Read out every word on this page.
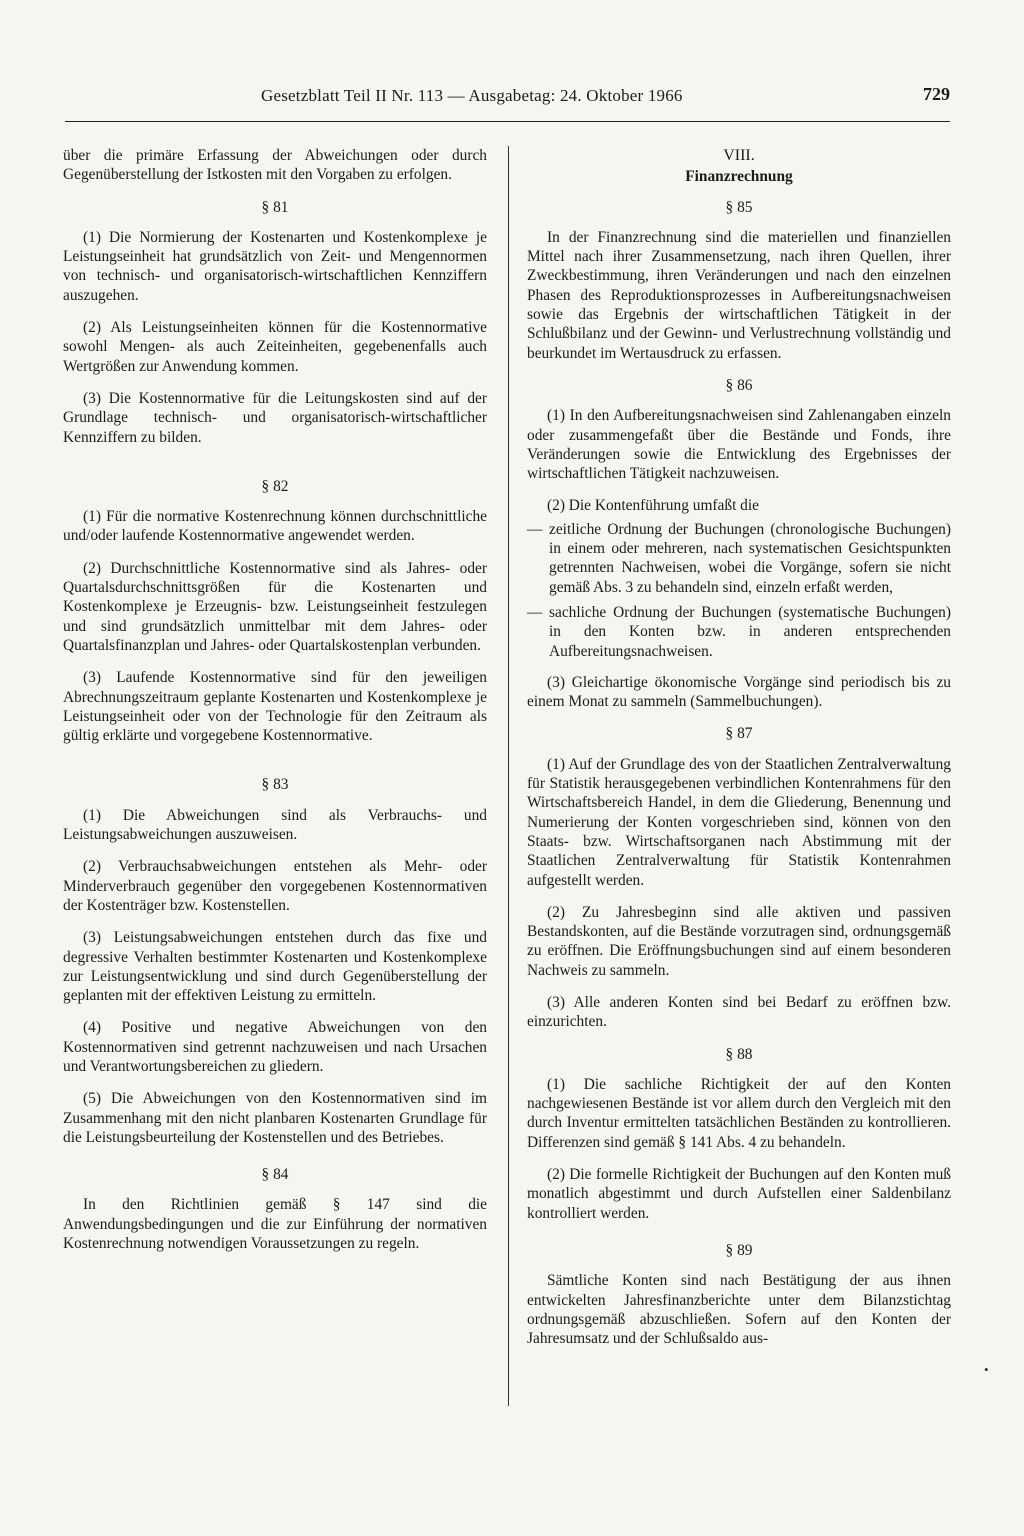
Gesetzblatt Teil II Nr. 113 — Ausgabetag: 24. Oktober 1966	729

über die primäre Erfassung der Abweichungen oder durch Gegenüberstellung der Istkosten mit den Vorgaben zu erfolgen.

§ 81

(1) Die Normierung der Kostenarten und Kostenkomplexe je Leistungseinheit hat grundsätzlich von Zeit- und Mengennormen von technisch- und organisatorisch-wirtschaftlichen Kennziffern auszugehen.

(2) Als Leistungseinheiten können für die Kostennormative sowohl Mengen- als auch Zeiteinheiten, gegebenenfalls auch Wertgrößen zur Anwendung kommen.

(3) Die Kostennormative für die Leitungskosten sind auf der Grundlage technisch- und organisatorisch-wirtschaftlicher Kennziffern zu bilden.

§ 82

(1) Für die normative Kostenrechnung können durchschnittliche und/oder laufende Kostennormative angewendet werden.

(2) Durchschnittliche Kostennormative sind als Jahres- oder Quartalsdurchschnittsgrößen für die Kostenarten und Kostenkomplexe je Erzeugnis- bzw. Leistungseinheit festzulegen und sind grundsätzlich unmittelbar mit dem Jahres- oder Quartalsfinanzplan und Jahres- oder Quartalskostenplan verbunden.

(3) Laufende Kostennormative sind für den jeweiligen Abrechnungszeitraum geplante Kostenarten und Kostenkomplexe je Leistungseinheit oder von der Technologie für den Zeitraum als gültig erklärte und vorgegebene Kostennormative.

§ 83

(1) Die Abweichungen sind als Verbrauchs- und Leistungsabweichungen auszuweisen.

(2) Verbrauchsabweichungen entstehen als Mehr- oder Minderverbrauch gegenüber den vorgegebenen Kostennormativen der Kostenträger bzw. Kostenstellen.

(3) Leistungsabweichungen entstehen durch das fixe und degressive Verhalten bestimmter Kostenarten und Kostenkomplexe zur Leistungsentwicklung und sind durch Gegenüberstellung der geplanten mit der effektiven Leistung zu ermitteln.

(4) Positive und negative Abweichungen von den Kostennormativen sind getrennt nachzuweisen und nach Ursachen und Verantwortungsbereichen zu gliedern.

(5) Die Abweichungen von den Kostennormativen sind im Zusammenhang mit den nicht planbaren Kostenarten Grundlage für die Leistungsbeurteilung der Kostenstellen und des Betriebes.

§ 84

In den Richtlinien gemäß § 147 sind die Anwendungsbedingungen und die zur Einführung der normativen Kostenrechnung notwendigen Voraussetzungen zu regeln.

VIII.
Finanzrechnung
§ 85

In der Finanzrechnung sind die materiellen und finanziellen Mittel nach ihrer Zusammensetzung, nach ihren Quellen, ihrer Zweckbestimmung, ihren Veränderungen und nach den einzelnen Phasen des Reproduktionsprozesses in Aufbereitungsnachweisen sowie das Ergebnis der wirtschaftlichen Tätigkeit in der Schlußbilanz und der Gewinn- und Verlustrechnung vollständig und beurkundet im Wertausdruck zu erfassen.

§ 86

(1) In den Aufbereitungsnachweisen sind Zahlenangaben einzeln oder zusammengefaßt über die Bestände und Fonds, ihre Veränderungen sowie die Entwicklung des Ergebnisses der wirtschaftlichen Tätigkeit nachzuweisen.

(2) Die Kontenführung umfaßt die

— zeitliche Ordnung der Buchungen (chronologische Buchungen) in einem oder mehreren, nach systematischen Gesichtspunkten getrennten Nachweisen, wobei die Vorgänge, sofern sie nicht gemäß Abs. 3 zu behandeln sind, einzeln erfaßt werden,
— sachliche Ordnung der Buchungen (systematische Buchungen) in den Konten bzw. in anderen entsprechenden Aufbereitungsnachweisen.

(3) Gleichartige ökonomische Vorgänge sind periodisch bis zu einem Monat zu sammeln (Sammelbuchungen).

§ 87

(1) Auf der Grundlage des von der Staatlichen Zentralverwaltung für Statistik herausgegebenen verbindlichen Kontenrahmens für den Wirtschaftsbereich Handel, in dem die Gliederung, Benennung und Numerierung der Konten vorgeschrieben sind, können von den Staats- bzw. Wirtschaftsorganen nach Abstimmung mit der Staatlichen Zentralverwaltung für Statistik Kontenrahmen aufgestellt werden.

(2) Zu Jahresbeginn sind alle aktiven und passiven Bestandskonten, auf die Bestände vorzutragen sind, ordnungsgemäß zu eröffnen. Die Eröffnungsbuchungen sind auf einem besonderen Nachweis zu sammeln.

(3) Alle anderen Konten sind bei Bedarf zu eröffnen bzw. einzurichten.

§ 88

(1) Die sachliche Richtigkeit der auf den Konten nachgewiesenen Bestände ist vor allem durch den Vergleich mit den durch Inventur ermittelten tatsächlichen Beständen zu kontrollieren. Differenzen sind gemäß § 141 Abs. 4 zu behandeln.

(2) Die formelle Richtigkeit der Buchungen auf den Konten muß monatlich abgestimmt und durch Aufstellen einer Saldenbilanz kontrolliert werden.

§ 89

Sämtliche Konten sind nach Bestätigung der aus ihnen entwickelten Jahresfinanzberichte unter dem Bilanzstichtag ordnungsgemäß abzuschließen. Sofern auf den Konten der Jahresumsatz und der Schlußsaldo aus-

•
